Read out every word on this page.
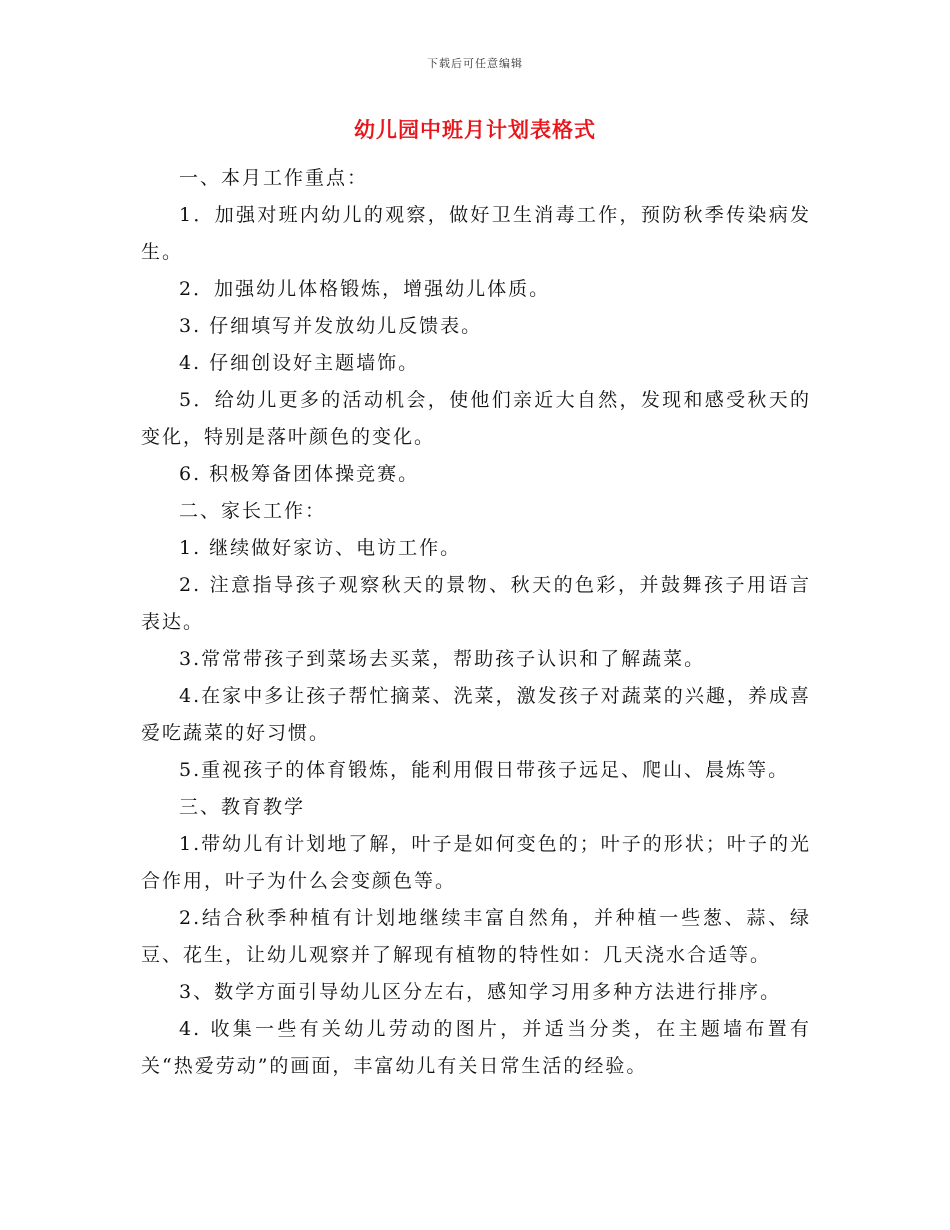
下载后可任意编辑
幼儿园中班月计划表格式

一、本月工作重点：

1．加强对班内幼儿的观察，做好卫生消毒工作，预防秋季传染病发生。

2．加强幼儿体格锻炼，增强幼儿体质。

3. 仔细填写并发放幼儿反馈表。

4. 仔细创设好主题墙饰。

5．给幼儿更多的活动机会，使他们亲近大自然，发现和感受秋天的变化，特别是落叶颜色的变化。

6. 积极筹备团体操竞赛。

二、家长工作：

1. 继续做好家访、电访工作。

2. 注意指导孩子观察秋天的景物、秋天的色彩，并鼓舞孩子用语言表达。

3.常常带孩子到菜场去买菜，帮助孩子认识和了解蔬菜。

4.在家中多让孩子帮忙摘菜、洗菜，激发孩子对蔬菜的兴趣，养成喜爱吃蔬菜的好习惯。

5.重视孩子的体育锻炼，能利用假日带孩子远足、爬山、晨炼等。

三、教育教学

1.带幼儿有计划地了解，叶子是如何变色的；叶子的形状；叶子的光合作用，叶子为什么会变颜色等。

2.结合秋季种植有计划地继续丰富自然角，并种植一些葱、蒜、绿豆、花生，让幼儿观察并了解现有植物的特性如：几天浇水合适等。

3、数学方面引导幼儿区分左右，感知学习用多种方法进行排序。

4. 收集一些有关幼儿劳动的图片，并适当分类，在主题墙布置有关“热爱劳动”的画面，丰富幼儿有关日常生活的经验。
